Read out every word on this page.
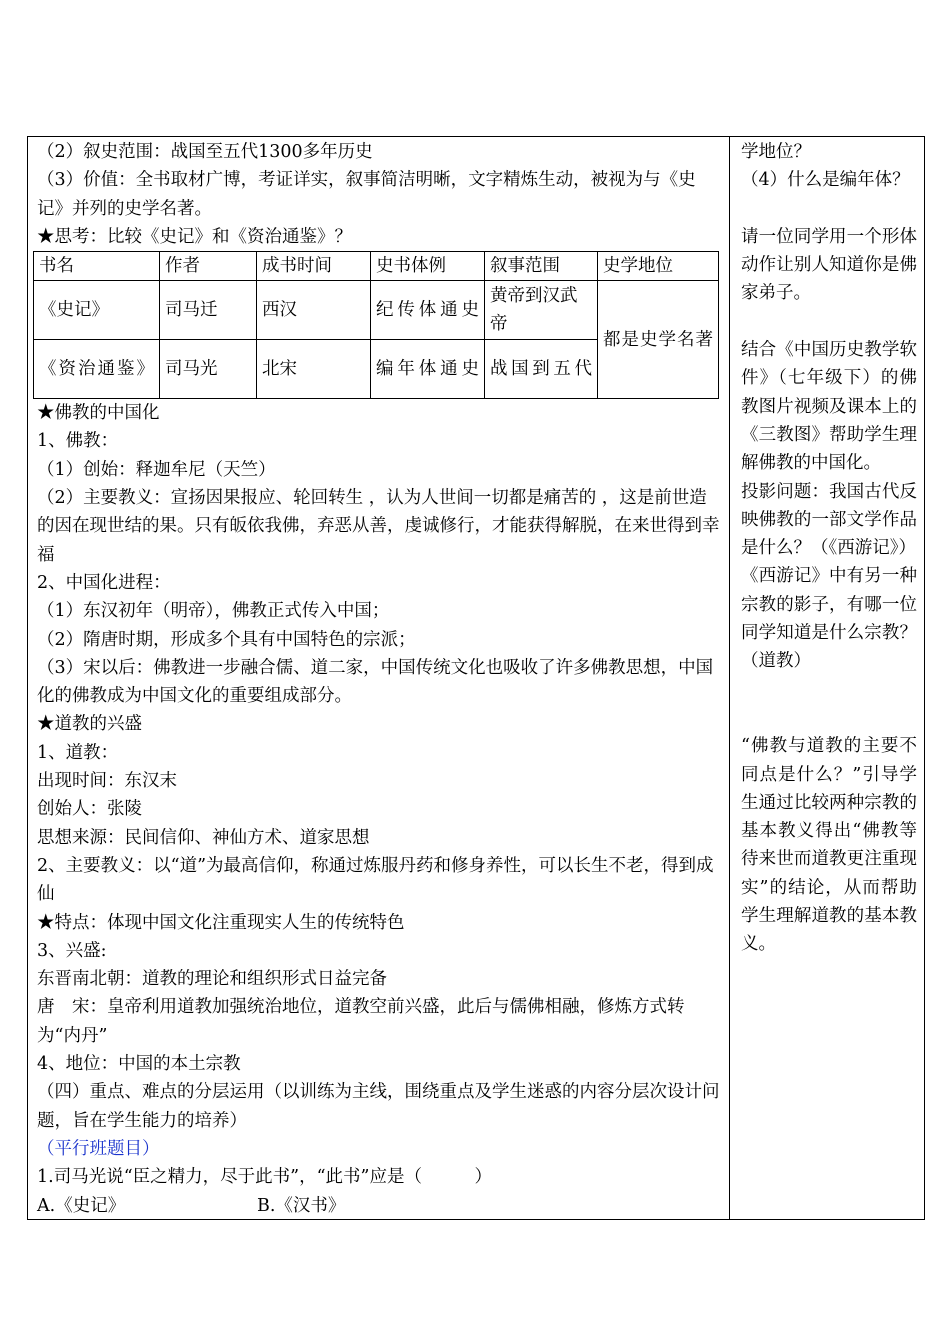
（2）叙史范围：战国至五代1300多年历史

（3）价值：全书取材广博，考证详实，叙事简洁明晰，文字精炼生动，被视为与《史记》并列的史学名著。

★思考：比较《史记》和《资治通鉴》？

书名	作者	成书时间	史书体例	叙事范围	史学地位
《史记》	司马迁	西汉	纪传体通史	黄帝到汉武帝	都是史学名著
《资治通鉴》	司马光	北宋	编年体通史	战国到五代	

★佛教的中国化

1、佛教：

（1）创始：释迦牟尼（天竺）

（2）主要教义：宣扬因果报应、轮回转生 ，认为人世间一切都是痛苦的 ，这是前世造的因在现世结的果。只有皈依我佛，弃恶从善，虔诚修行，才能获得解脱，在来世得到幸福

2、中国化进程：

（1）东汉初年（明帝），佛教正式传入中国；

（2）隋唐时期，形成多个具有中国特色的宗派；

（3）宋以后：佛教进一步融合儒、道二家，中国传统文化也吸收了许多佛教思想，中国化的佛教成为中国文化的重要组成部分。

★道教的兴盛

1、道教：

出现时间：东汉末

创始人：张陵

思想来源：民间信仰、神仙方术、道家思想

2、主要教义：以“道”为最高信仰，称通过炼服丹药和修身养性，可以长生不老，得到成仙

★特点：体现中国文化注重现实人生的传统特色

3、兴盛:

东晋南北朝：道教的理论和组织形式日益完备

唐　宋：皇帝利用道教加强统治地位，道教空前兴盛，此后与儒佛相融，修炼方式转为“内丹”

4、地位：中国的本土宗教

（四）重点、难点的分层运用（以训练为主线，围绕重点及学生迷惑的内容分层次设计问题，旨在学生能力的培养）

（平行班题目）

1.司马光说“臣之精力，尽于此书”，“此书”应是（　　　）

A.《史记》	B.《汉书》

学地位？

（4）什么是编年体？

请一位同学用一个形体动作让别人知道你是佛家弟子。

结合《中国历史教学软件》（七年级下）的佛教图片视频及课本上的《三教图》帮助学生理解佛教的中国化。

投影问题：我国古代反映佛教的一部文学作品是什么？（《西游记》）

《西游记》中有另一种宗教的影子，有哪一位同学知道是什么宗教？（道教）

“佛教与道教的主要不同点是什么？”引导学生通过比较两种宗教的基本教义得出“佛教等待来世而道教更注重现实”的结论，从而帮助学生理解道教的基本教义。
